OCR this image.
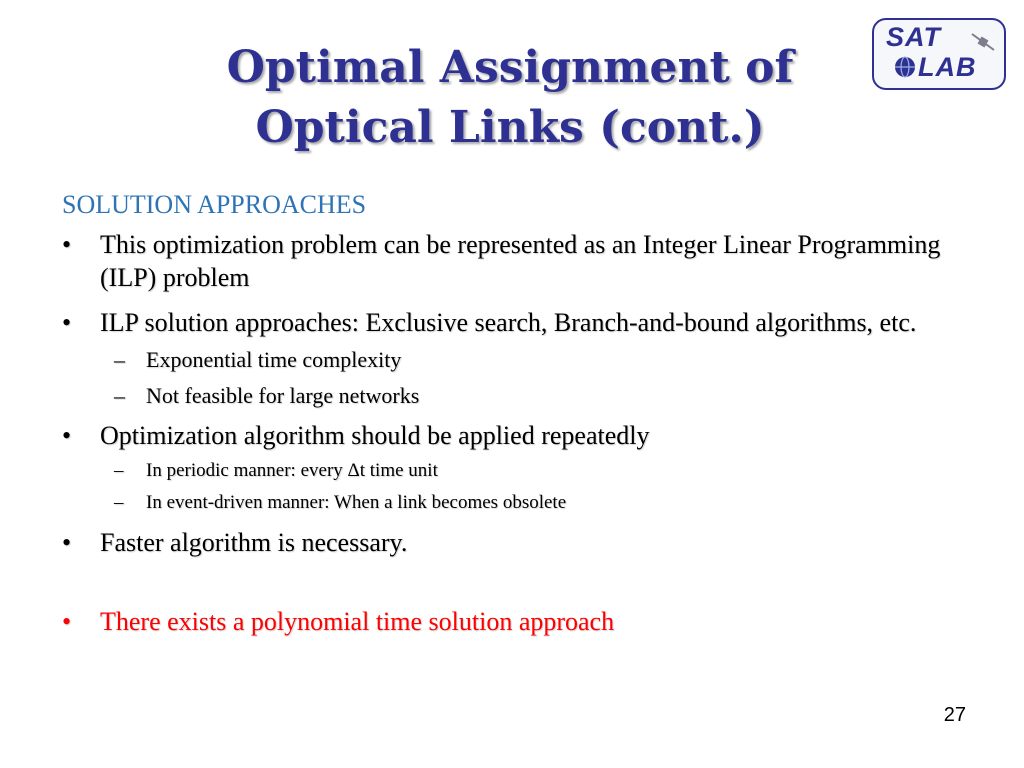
Optimal Assignment of Optical Links (cont.)
SAT
LAB
SOLUTION APPROACHES
• This optimization problem can be represented as an Integer Linear Programming (ILP) problem
• ILP solution approaches: Exclusive search, Branch-and-bound algorithms, etc.
– Exponential time complexity
– Not feasible for large networks
• Optimization algorithm should be applied repeatedly
– In periodic manner: every Δt time unit
– In event-driven manner: When a link becomes obsolete
• Faster algorithm is necessary.
• There exists a polynomial time solution approach
27
